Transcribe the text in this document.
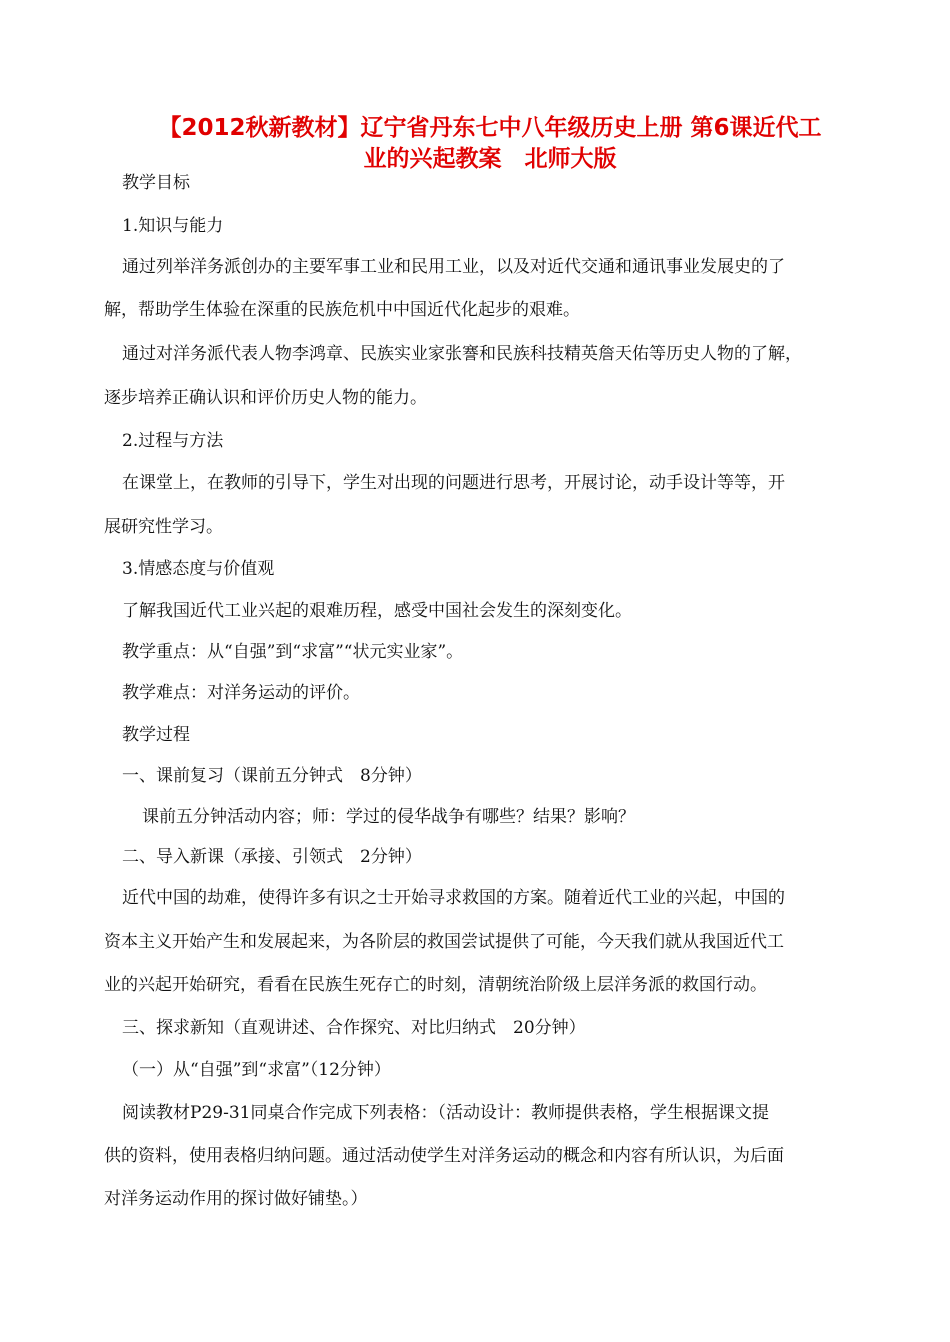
【2012秋新教材】辽宁省丹东七中八年级历史上册 第6课近代工
业的兴起教案　北师大版
教学目标
1.知识与能力
通过列举洋务派创办的主要军事工业和民用工业，以及对近代交通和通讯事业发展史的了
解，帮助学生体验在深重的民族危机中中国近代化起步的艰难。
通过对洋务派代表人物李鸿章、民族实业家张謇和民族科技精英詹天佑等历史人物的了解，
逐步培养正确认识和评价历史人物的能力。
2.过程与方法
在课堂上，在教师的引导下，学生对出现的问题进行思考，开展讨论，动手设计等等，开
展研究性学习。
3.情感态度与价值观
了解我国近代工业兴起的艰难历程，感受中国社会发生的深刻变化。
教学重点：从“自强”到“求富”“状元实业家”。
教学难点：对洋务运动的评价。
教学过程
一、课前复习（课前五分钟式　8分钟）
课前五分钟活动内容；师：学过的侵华战争有哪些？结果？影响？
二、导入新课（承接、引领式　2分钟）
近代中国的劫难，使得许多有识之士开始寻求救国的方案。随着近代工业的兴起，中国的
资本主义开始产生和发展起来，为各阶层的救国尝试提供了可能，今天我们就从我国近代工
业的兴起开始研究，看看在民族生死存亡的时刻，清朝统治阶级上层洋务派的救国行动。
三、探求新知（直观讲述、合作探究、对比归纳式　20分钟）
（一）从“自强”到“求富”（12分钟）
阅读教材P29-31同桌合作完成下列表格：（活动设计：教师提供表格，学生根据课文提
供的资料，使用表格归纳问题。通过活动使学生对洋务运动的概念和内容有所认识，为后面
对洋务运动作用的探讨做好铺垫。）
